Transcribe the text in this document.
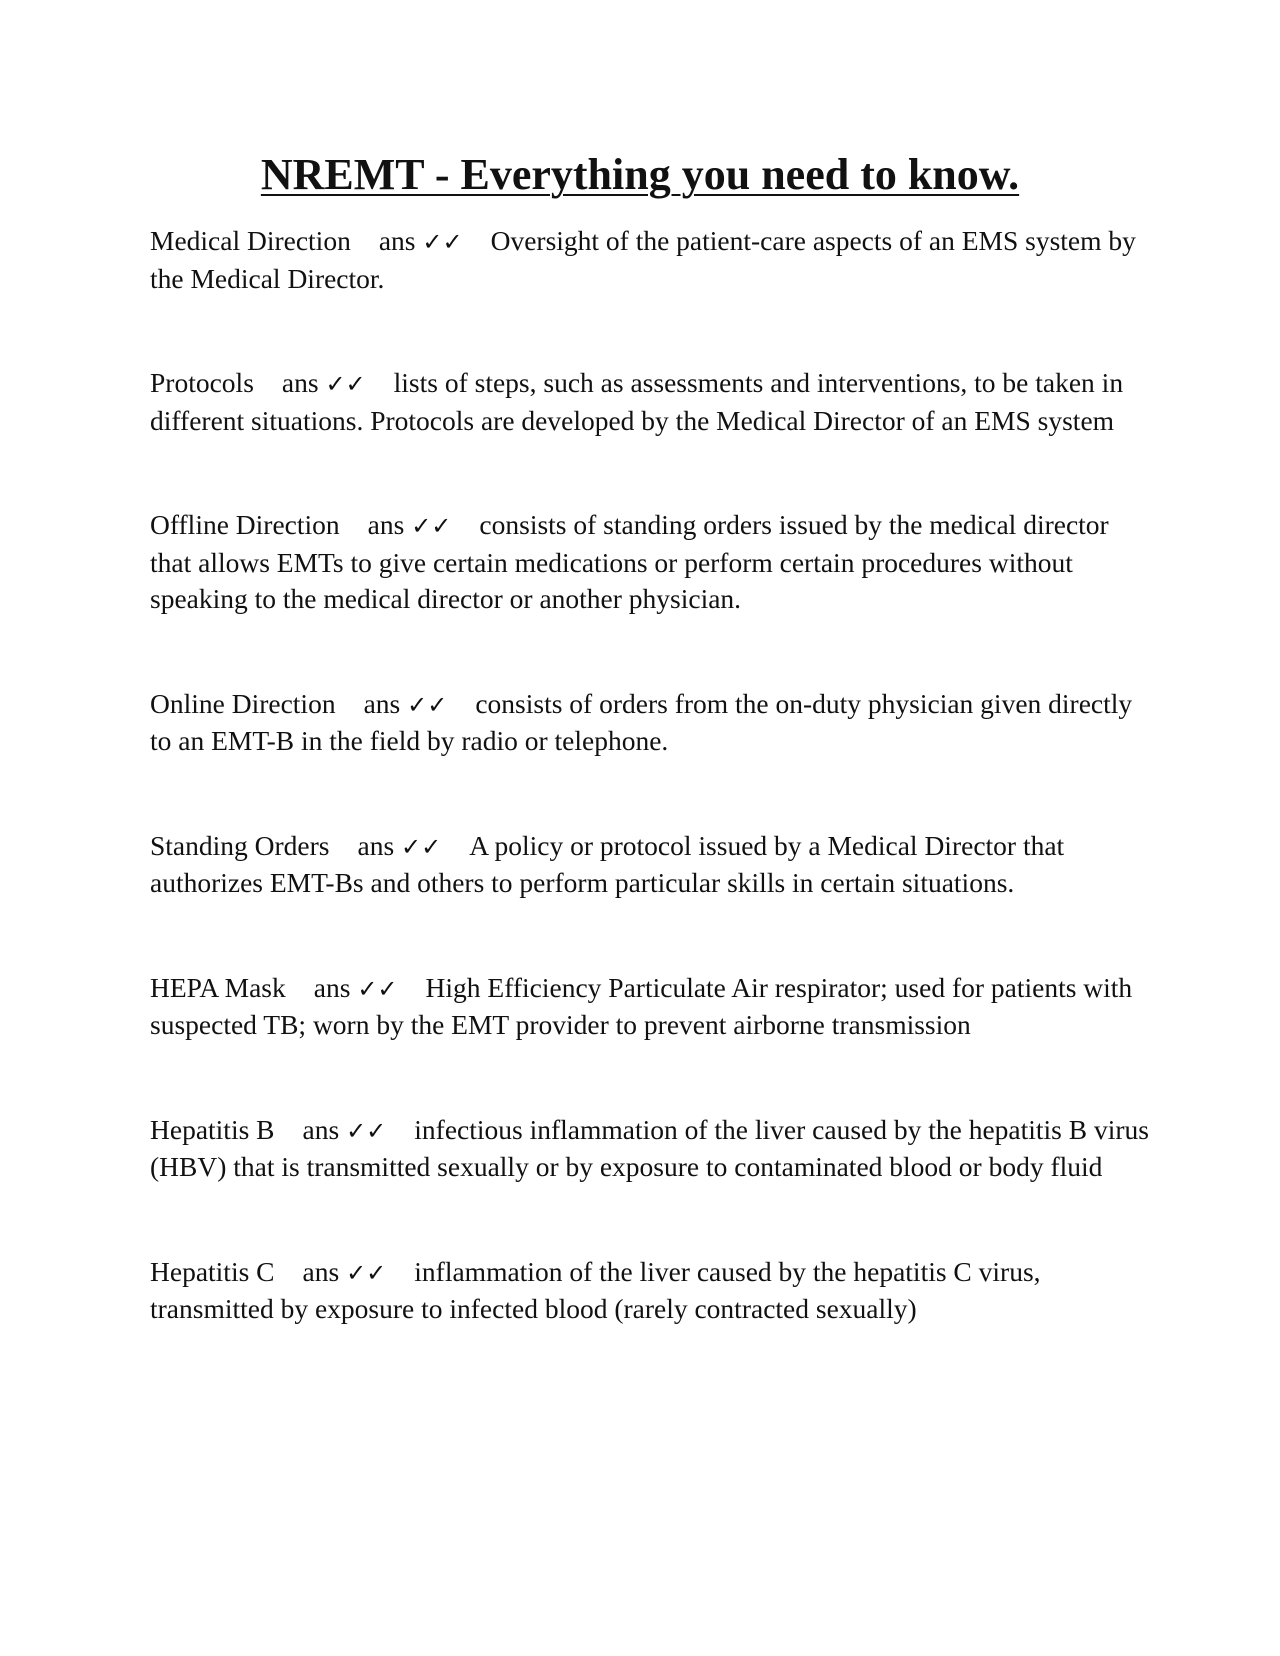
NREMT - Everything you need to know.

Medical Direction ans ✓✓ Oversight of the patient-care aspects of an EMS system by the Medical Director.

Protocols ans ✓✓ lists of steps, such as assessments and interventions, to be taken in different situations. Protocols are developed by the Medical Director of an EMS system

Offline Direction ans ✓✓ consists of standing orders issued by the medical director that allows EMTs to give certain medications or perform certain procedures without speaking to the medical director or another physician.

Online Direction ans ✓✓ consists of orders from the on-duty physician given directly to an EMT-B in the field by radio or telephone.

Standing Orders ans ✓✓ A policy or protocol issued by a Medical Director that authorizes EMT-Bs and others to perform particular skills in certain situations.

HEPA Mask ans ✓✓ High Efficiency Particulate Air respirator; used for patients with suspected TB; worn by the EMT provider to prevent airborne transmission

Hepatitis B ans ✓✓ infectious inflammation of the liver caused by the hepatitis B virus (HBV) that is transmitted sexually or by exposure to contaminated blood or body fluid

Hepatitis C ans ✓✓ inflammation of the liver caused by the hepatitis C virus, transmitted by exposure to infected blood (rarely contracted sexually)
